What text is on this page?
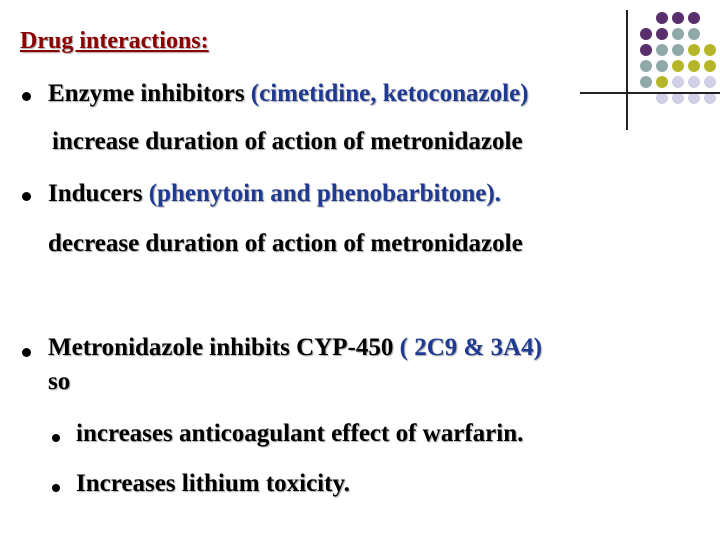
Drug interactions:
Enzyme inhibitors (cimetidine, ketoconazole)
increase duration of action of metronidazole
Inducers (phenytoin and phenobarbitone).
decrease duration of action of metronidazole
Metronidazole inhibits CYP-450 ( 2C9 & 3A4)
so
increases anticoagulant effect of warfarin.
Increases lithium toxicity.
